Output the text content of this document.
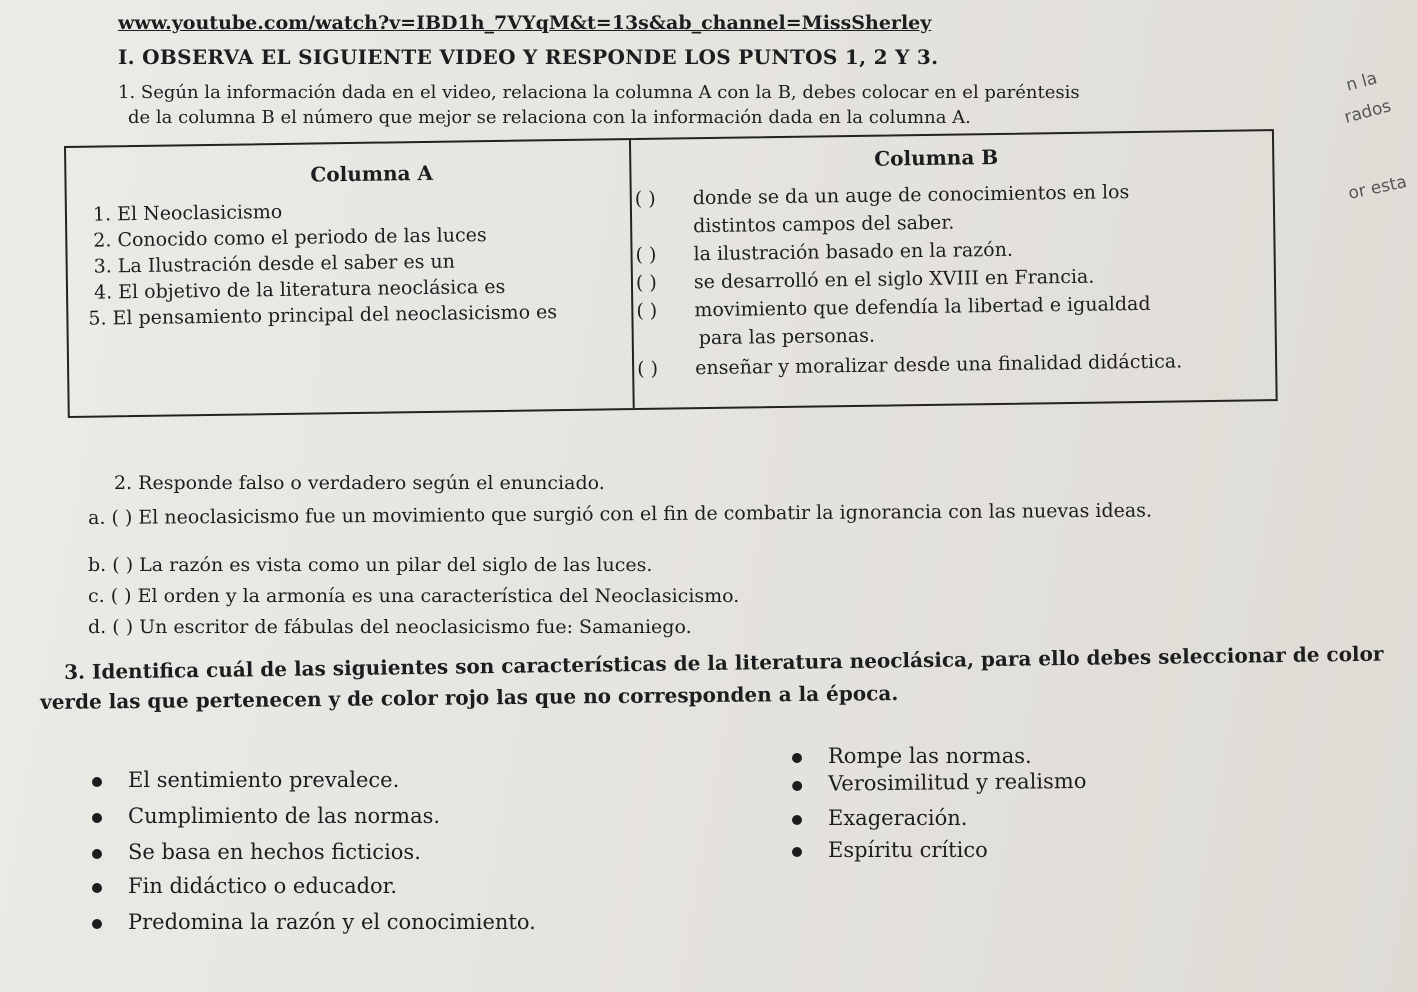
www.youtube.com/watch?v=IBD1h_7VYqM&t=13s&ab_channel=MissSherley
I. OBSERVA EL SIGUIENTE VIDEO Y RESPONDE LOS PUNTOS 1, 2 Y 3.
1. Según la información dada en el video, relaciona la columna A con la B, debes colocar en el paréntesis
de la columna B el número que mejor se relaciona con la información dada en la columna A.
n la
rados
or esta
Columna A
Columna B
1. El Neoclasicismo
2. Conocido como el periodo de las luces
3. La Ilustración desde el saber es un
4. El objetivo de la literatura neoclásica es
5. El pensamiento principal del neoclasicismo es
( ) donde se da un auge de conocimientos en los
distintos campos del saber.
( ) la ilustración basado en la razón.
( ) se desarrolló en el siglo XVIII en Francia.
( ) movimiento que defendía la libertad e igualdad
para las personas.
( ) enseñar y moralizar desde una finalidad didáctica.
2. Responde falso o verdadero según el enunciado.
a. ( ) El neoclasicismo fue un movimiento que surgió con el fin de combatir la ignorancia con las nuevas ideas.
b. ( ) La razón es vista como un pilar del siglo de las luces.
c. ( ) El orden y la armonía es una característica del Neoclasicismo.
d. ( ) Un escritor de fábulas del neoclasicismo fue: Samaniego.
3. Identifica cuál de las siguientes son características de la literatura neoclásica, para ello debes seleccionar de color
verde las que pertenecen y de color rojo las que no corresponden a la época.
El sentimiento prevalece.
Cumplimiento de las normas.
Se basa en hechos ficticios.
Fin didáctico o educador.
Predomina la razón y el conocimiento.
Rompe las normas.
Verosimilitud y realismo
Exageración.
Espíritu crítico
